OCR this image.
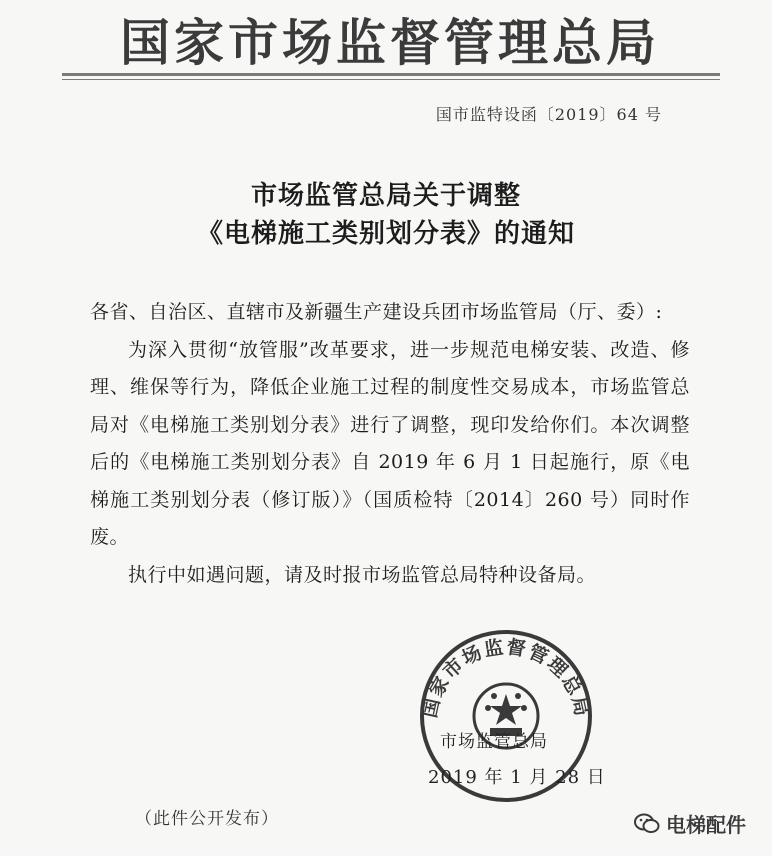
国家市场监督管理总局
国市监特设函〔2019〕64 号
市场监管总局关于调整
《电梯施工类别划分表》的通知

各省、自治区、直辖市及新疆生产建设兵团市场监管局（厅、委）:

为深入贯彻“放管服”改革要求，进一步规范电梯安装、改造、修理、维保等行为，降低企业施工过程的制度性交易成本，市场监管总局对《电梯施工类别划分表》进行了调整，现印发给你们。本次调整后的《电梯施工类别划分表》自 2019 年 6 月 1 日起施行，原《电梯施工类别划分表（修订版）》（国质检特〔2014〕260 号）同时作废。

执行中如遇问题，请及时报市场监管总局特种设备局。

国家市场监督管理总局
市场监管总局
2019 年 1 月 28 日
（此件公开发布）	电梯配件
